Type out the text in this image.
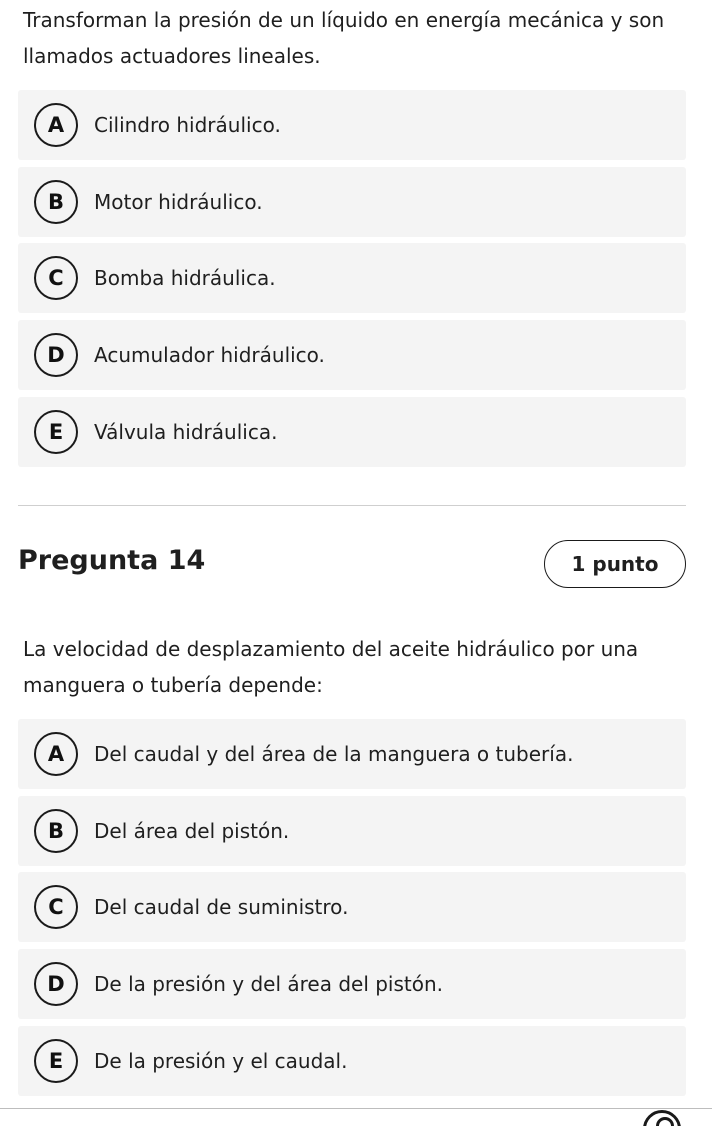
Transforman la presión de un líquido en energía mecánica y son llamados actuadores lineales.

A	Cilindro hidráulico.
B	Motor hidráulico.
C	Bomba hidráulica.
D	Acumulador hidráulico.
E	Válvula hidráulica.
Pregunta 14	1 punto

La velocidad de desplazamiento del aceite hidráulico por una manguera o tubería depende:

A	Del caudal y del área de la manguera o tubería.
B	Del área del pistón.
C	Del caudal de suministro.
D	De la presión y del área del pistón.
E	De la presión y el caudal.
